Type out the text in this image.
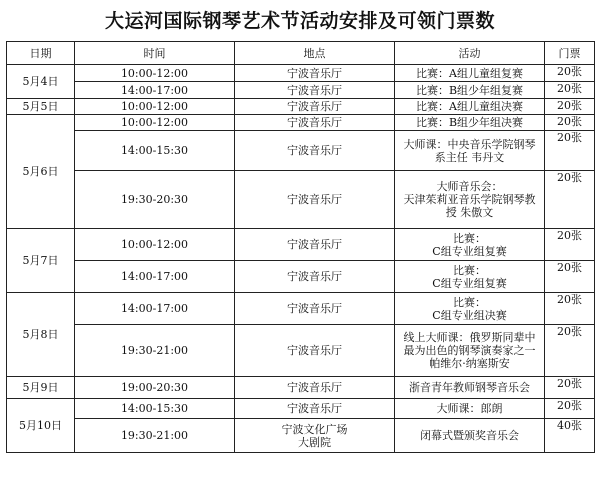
大运河国际钢琴艺术节活动安排及可领门票数
日期	时间	地点	活动	门票
5月4日	10:00-12:00	宁波音乐厅	比赛：A组儿童组复赛	20张
	14:00-17:00	宁波音乐厅	比赛：B组少年组复赛	20张
5月5日	10:00-12:00	宁波音乐厅	比赛：A组儿童组决赛	20张
5月6日	10:00-12:00	宁波音乐厅	比赛：B组少年组决赛	20张
	14:00-15:30	宁波音乐厅	大师课：中央音乐学院钢琴
系主任 韦丹文	20张
	19:30-20:30	宁波音乐厅	大师音乐会：
天津茱莉亚音乐学院钢琴教
授 朱傲文	20张
5月7日	10:00-12:00	宁波音乐厅	比赛：
C组专业组复赛	20张
	14:00-17:00	宁波音乐厅	比赛：
C组专业组复赛	20张
5月8日	14:00-17:00	宁波音乐厅	比赛：
C组专业组决赛	20张
	19:30-21:00	宁波音乐厅	线上大师课：俄罗斯同辈中
最为出色的钢琴演奏家之一
帕维尔·纳塞斯安	20张
5月9日	19:00-20:30	宁波音乐厅	浙音青年教师钢琴音乐会	20张
5月10日	14:00-15:30	宁波音乐厅	大师课：郎朗	20张
	19:30-21:00	宁波文化广场
大剧院	闭幕式暨颁奖音乐会	40张
